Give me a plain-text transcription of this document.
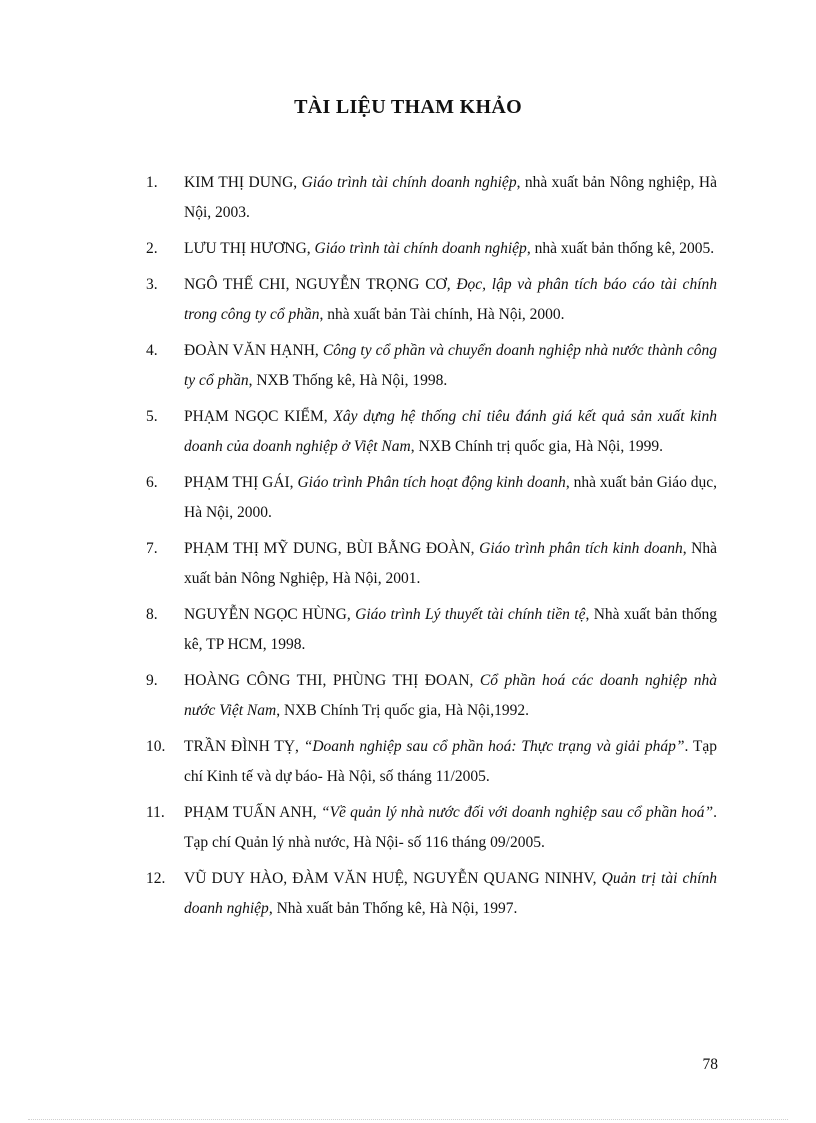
TÀI LIỆU THAM KHẢO
1.	KIM THỊ DUNG, Giáo trình tài chính doanh nghiệp, nhà xuất bản Nông nghiệp, Hà Nội, 2003.
2.	LƯU THỊ HƯƠNG, Giáo trình tài chính doanh nghiệp, nhà xuất bản thống kê, 2005.
3.	NGÔ THẾ CHI, NGUYỄN TRỌNG CƠ, Đọc, lập và phân tích báo cáo tài chính trong công ty cổ phần, nhà xuất bản Tài chính, Hà Nội, 2000.
4.	ĐOÀN VĂN HẠNH, Công ty cổ phần và chuyển doanh nghiệp nhà nước thành công ty cổ phần, NXB Thống kê, Hà Nội, 1998.
5.	PHẠM NGỌC KIỂM, Xây dựng hệ thống chỉ tiêu đánh giá kết quả sản xuất kinh doanh của doanh nghiệp ở Việt Nam, NXB Chính trị quốc gia, Hà Nội, 1999.
6.	PHẠM THỊ GÁI, Giáo trình Phân tích hoạt động kinh doanh, nhà xuất bản Giáo dục, Hà Nội, 2000.
7.	PHẠM THỊ MỸ DUNG, BÙI BẰNG ĐOÀN, Giáo trình phân tích kinh doanh, Nhà xuất bản Nông Nghiệp, Hà Nội, 2001.
8.	NGUYỄN NGỌC HÙNG, Giáo trình Lý thuyết tài chính tiền tệ, Nhà xuất bản thống kê, TP HCM, 1998.
9.	HOÀNG CÔNG THI, PHÙNG THỊ ĐOAN, Cổ phần hoá các doanh nghiệp nhà nước Việt Nam, NXB Chính Trị quốc gia, Hà Nội,1992.
10.	TRẦN ĐÌNH TỴ, “Doanh nghiệp sau cổ phần hoá: Thực trạng và giải pháp”. Tạp chí Kinh tế và dự báo- Hà Nội, số tháng 11/2005.
11.	PHẠM TUẤN ANH, “Về quản lý nhà nước đối với doanh nghiệp sau cổ phần hoá”. Tạp chí Quản lý nhà nước, Hà Nội- số 116 tháng 09/2005.
12.	VŨ DUY HÀO, ĐÀM VĂN HUỆ, NGUYỄN QUANG NINHV, Quản trị tài chính doanh nghiệp, Nhà xuất bản Thống kê, Hà Nội, 1997.
78
